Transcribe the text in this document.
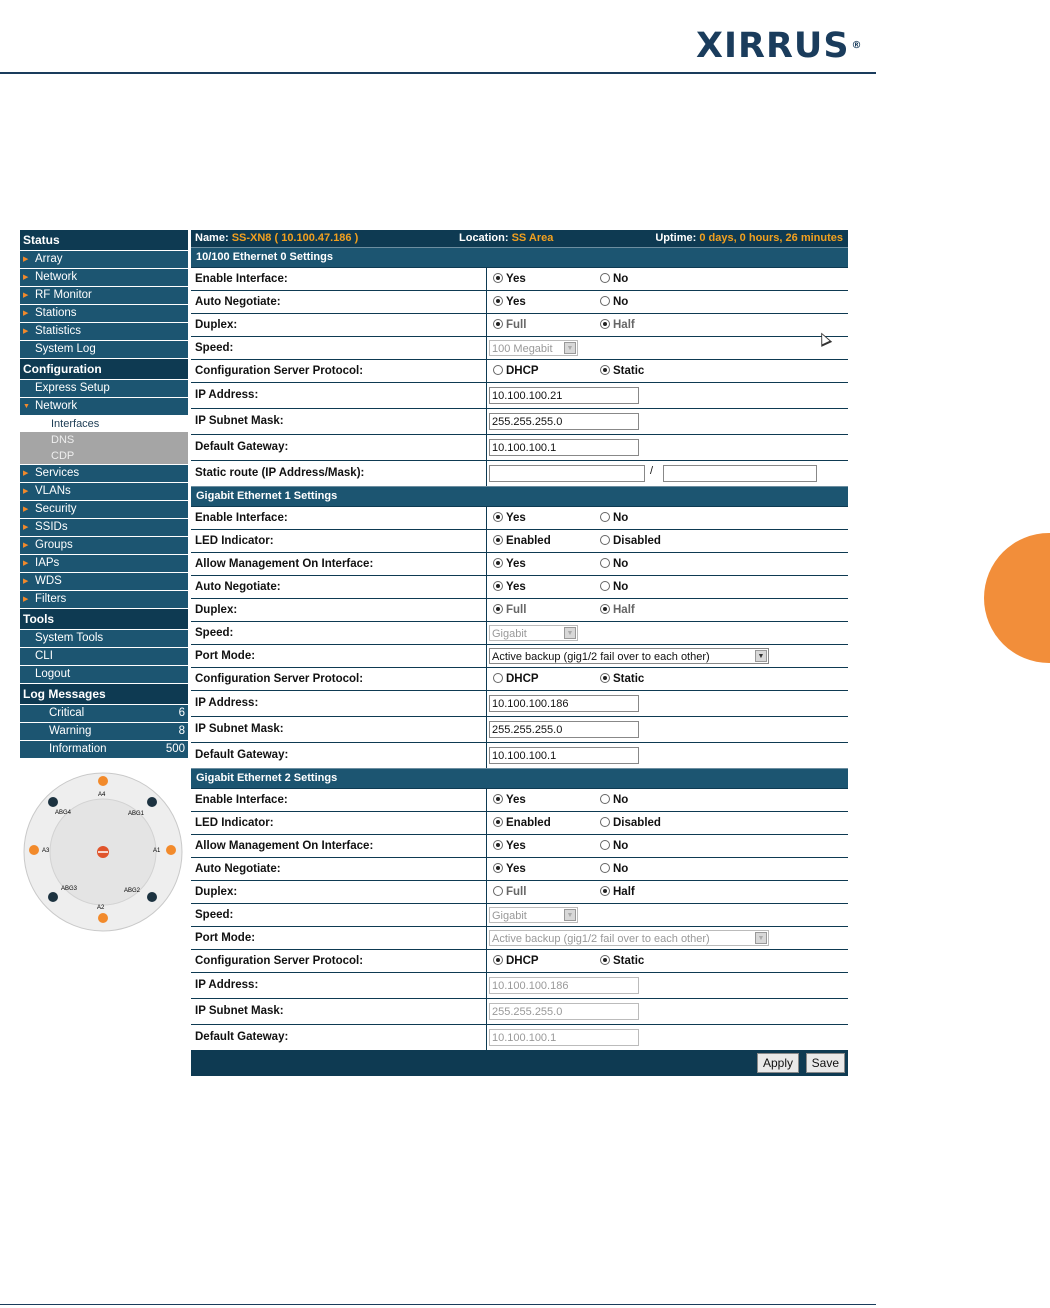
XIRRUS ®
Status
▶ Array
▶ Network
▶ RF Monitor
▶ Stations
▶ Statistics
System Log
Configuration
Express Setup
▼ Network
Interfaces
DNS
CDP
▶ Services
▶ VLANs
▶ Security
▶ SSIDs
▶ Groups
▶ IAPs
▶ WDS
▶ Filters
Tools
System Tools
CLI
Logout
Log Messages
Critical	6
Warning	8
Information	500
A4
ABG1
A1
ABG2
A2
ABG3
A3
ABG4
Name: SS-XN8 ( 10.100.47.186 )	Location: SS Area	Uptime: 0 days, 0 hours, 26 minutes
10/100 Ethernet 0 Settings
Enable Interface:	Yes	No
Auto Negotiate:	Yes	No
Duplex:	Full	Half
Speed:	100 Megabit	▼
Configuration Server Protocol:	DHCP	Static
IP Address:	10.100.100.21
IP Subnet Mask:	255.255.255.0
Default Gateway:	10.100.100.1
Static route (IP Address/Mask):	/
Gigabit Ethernet 1 Settings
Enable Interface:	Yes	No
LED Indicator:	Enabled	Disabled
Allow Management On Interface:	Yes	No
Auto Negotiate:	Yes	No
Duplex:	Full	Half
Speed:	Gigabit	▼
Port Mode:	Active backup (gig1/2 fail over to each other)	▼
Configuration Server Protocol:	DHCP	Static
IP Address:	10.100.100.186
IP Subnet Mask:	255.255.255.0
Default Gateway:	10.100.100.1
Gigabit Ethernet 2 Settings
Enable Interface:	Yes	No
LED Indicator:	Enabled	Disabled
Allow Management On Interface:	Yes	No
Auto Negotiate:	Yes	No
Duplex:	Full	Half
Speed:	Gigabit	▼
Port Mode:	Active backup (gig1/2 fail over to each other)	▼
Configuration Server Protocol:	DHCP	Static
IP Address:	10.100.100.186
IP Subnet Mask:	255.255.255.0
Default Gateway:	10.100.100.1
Apply	Save
